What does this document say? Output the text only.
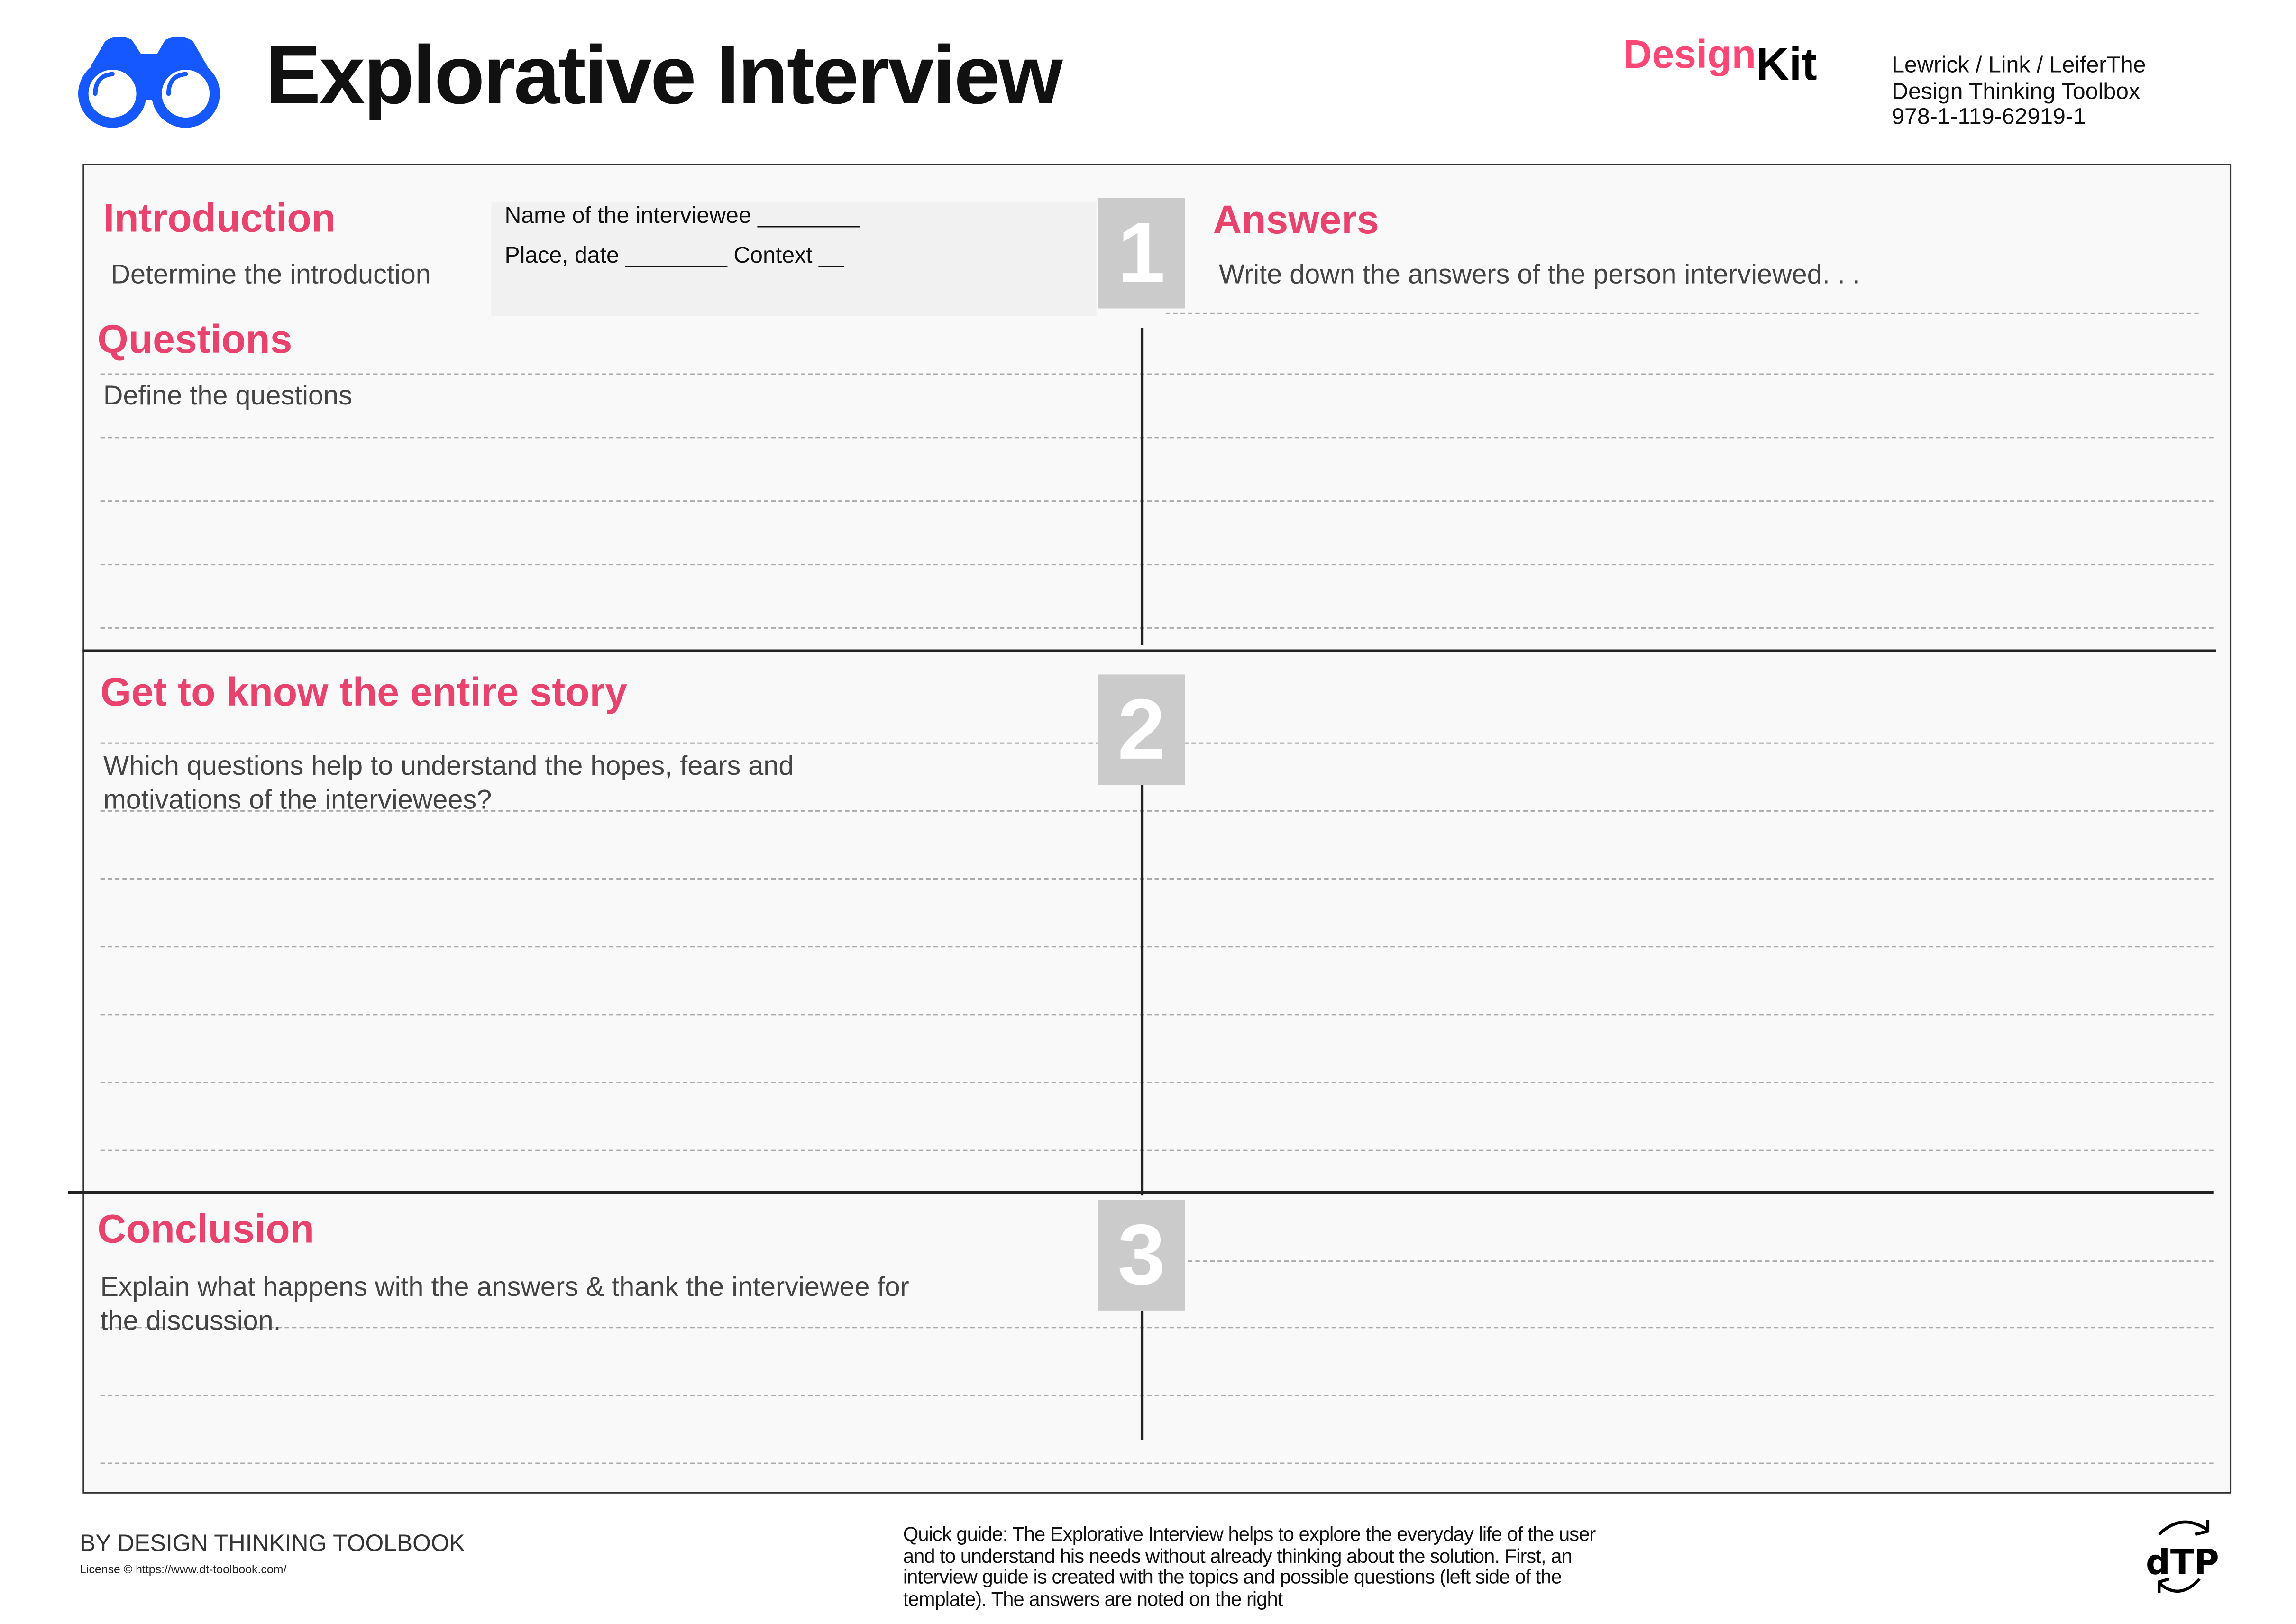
Explorative Interview	DesignKit	Lewrick / Link / LeiferThe
Design Thinking Toolbox
978-1-119-62919-1
Introduction
Determine the introduction
Name of the interviewee ________
Place, date ________ Context __	1
2
3
Answers
Write down the answers of the person interviewed. . .
Questions
Define the questions
Get to know the entire story
Which questions help to understand the hopes, fears and
motivations of the interviewees?
Conclusion
Explain what happens with the answers & thank the interviewee for
the discussion.
BY DESIGN THINKING TOOLBOOK
License © https://www.dt-toolbook.com/
Quick guide: The Explorative Interview helps to explore the everyday life of the user and to understand his needs without already thinking about the solution. First, an interview guide is created with the topics and possible questions (left side of the template). The answers are noted on the right
dTP
